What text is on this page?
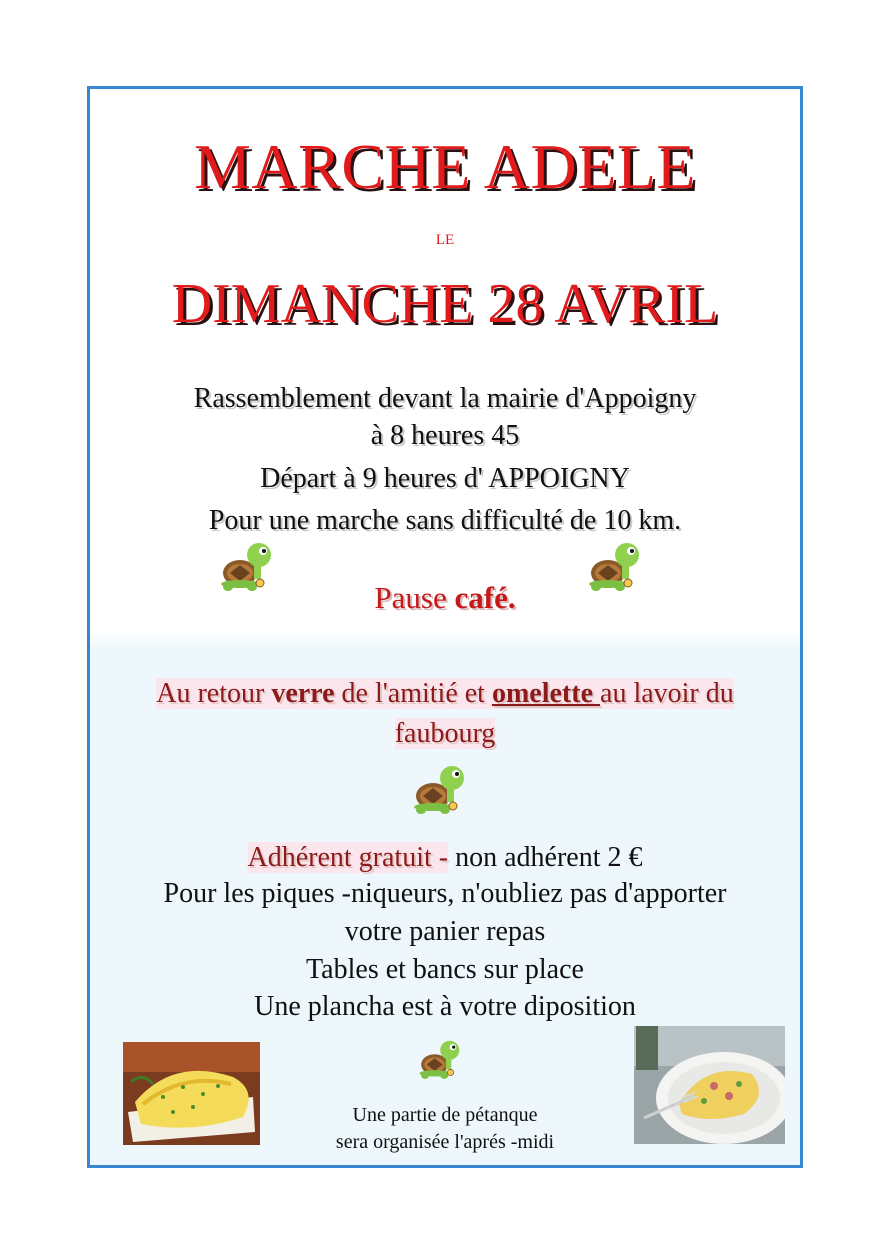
MARCHE ADELE
LE
DIMANCHE 28 AVRIL
Rassemblement devant la mairie d'Appoigny
à 8 heures 45
Départ à 9 heures d' APPOIGNY
Pour une marche sans difficulté de 10 km.
Pause café.
Au retour verre de l'amitié et omelette au lavoir du
faubourg
Adhérent gratuit - non adhérent 2 €
Pour les piques -niqueurs, n'oubliez pas d'apporter
votre panier repas
Tables et bancs sur place
Une plancha est à votre diposition
Une partie de pétanque
sera organisée l'aprés -midi
